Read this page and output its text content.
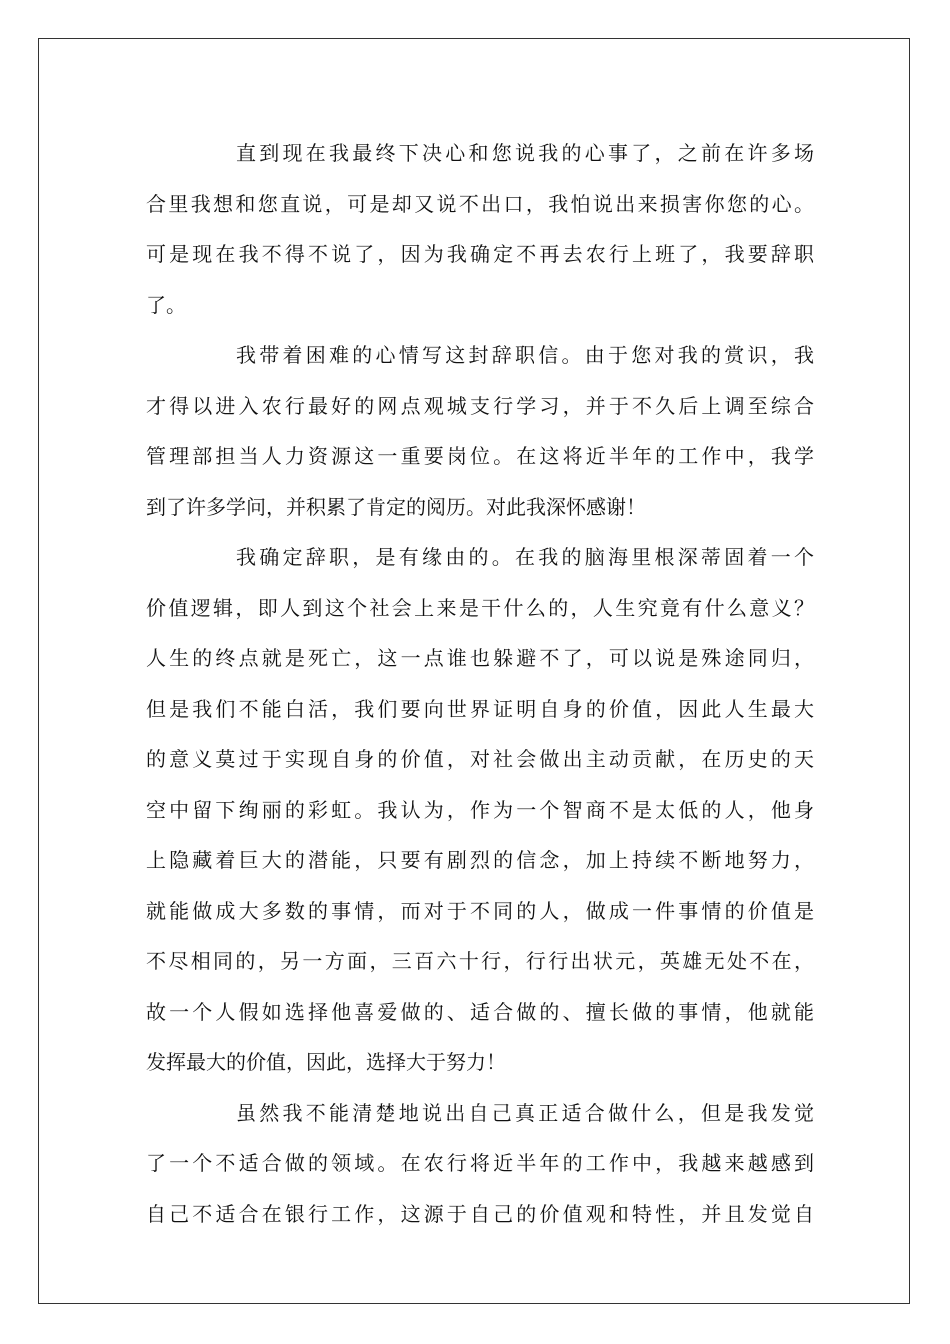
直到现在我最终下决心和您说我的心事了，之前在许多场
合里我想和您直说，可是却又说不出口，我怕说出来损害你您的心。
可是现在我不得不说了，因为我确定不再去农行上班了，我要辞职
了。
我带着困难的心情写这封辞职信。由于您对我的赏识，我
才得以进入农行最好的网点观城支行学习，并于不久后上调至综合
管理部担当人力资源这一重要岗位。在这将近半年的工作中，我学
到了许多学问，并积累了肯定的阅历。对此我深怀感谢！
我确定辞职，是有缘由的。在我的脑海里根深蒂固着一个
价值逻辑，即人到这个社会上来是干什么的，人生究竟有什么意义？
人生的终点就是死亡，这一点谁也躲避不了，可以说是殊途同归，
但是我们不能白活，我们要向世界证明自身的价值，因此人生最大
的意义莫过于实现自身的价值，对社会做出主动贡献，在历史的天
空中留下绚丽的彩虹。我认为，作为一个智商不是太低的人，他身
上隐藏着巨大的潜能，只要有剧烈的信念，加上持续不断地努力，
就能做成大多数的事情，而对于不同的人，做成一件事情的价值是
不尽相同的，另一方面，三百六十行，行行出状元，英雄无处不在，
故一个人假如选择他喜爱做的、适合做的、擅长做的事情，他就能
发挥最大的价值，因此，选择大于努力！
虽然我不能清楚地说出自己真正适合做什么，但是我发觉
了一个不适合做的领域。在农行将近半年的工作中，我越来越感到
自己不适合在银行工作，这源于自己的价值观和特性，并且发觉自
